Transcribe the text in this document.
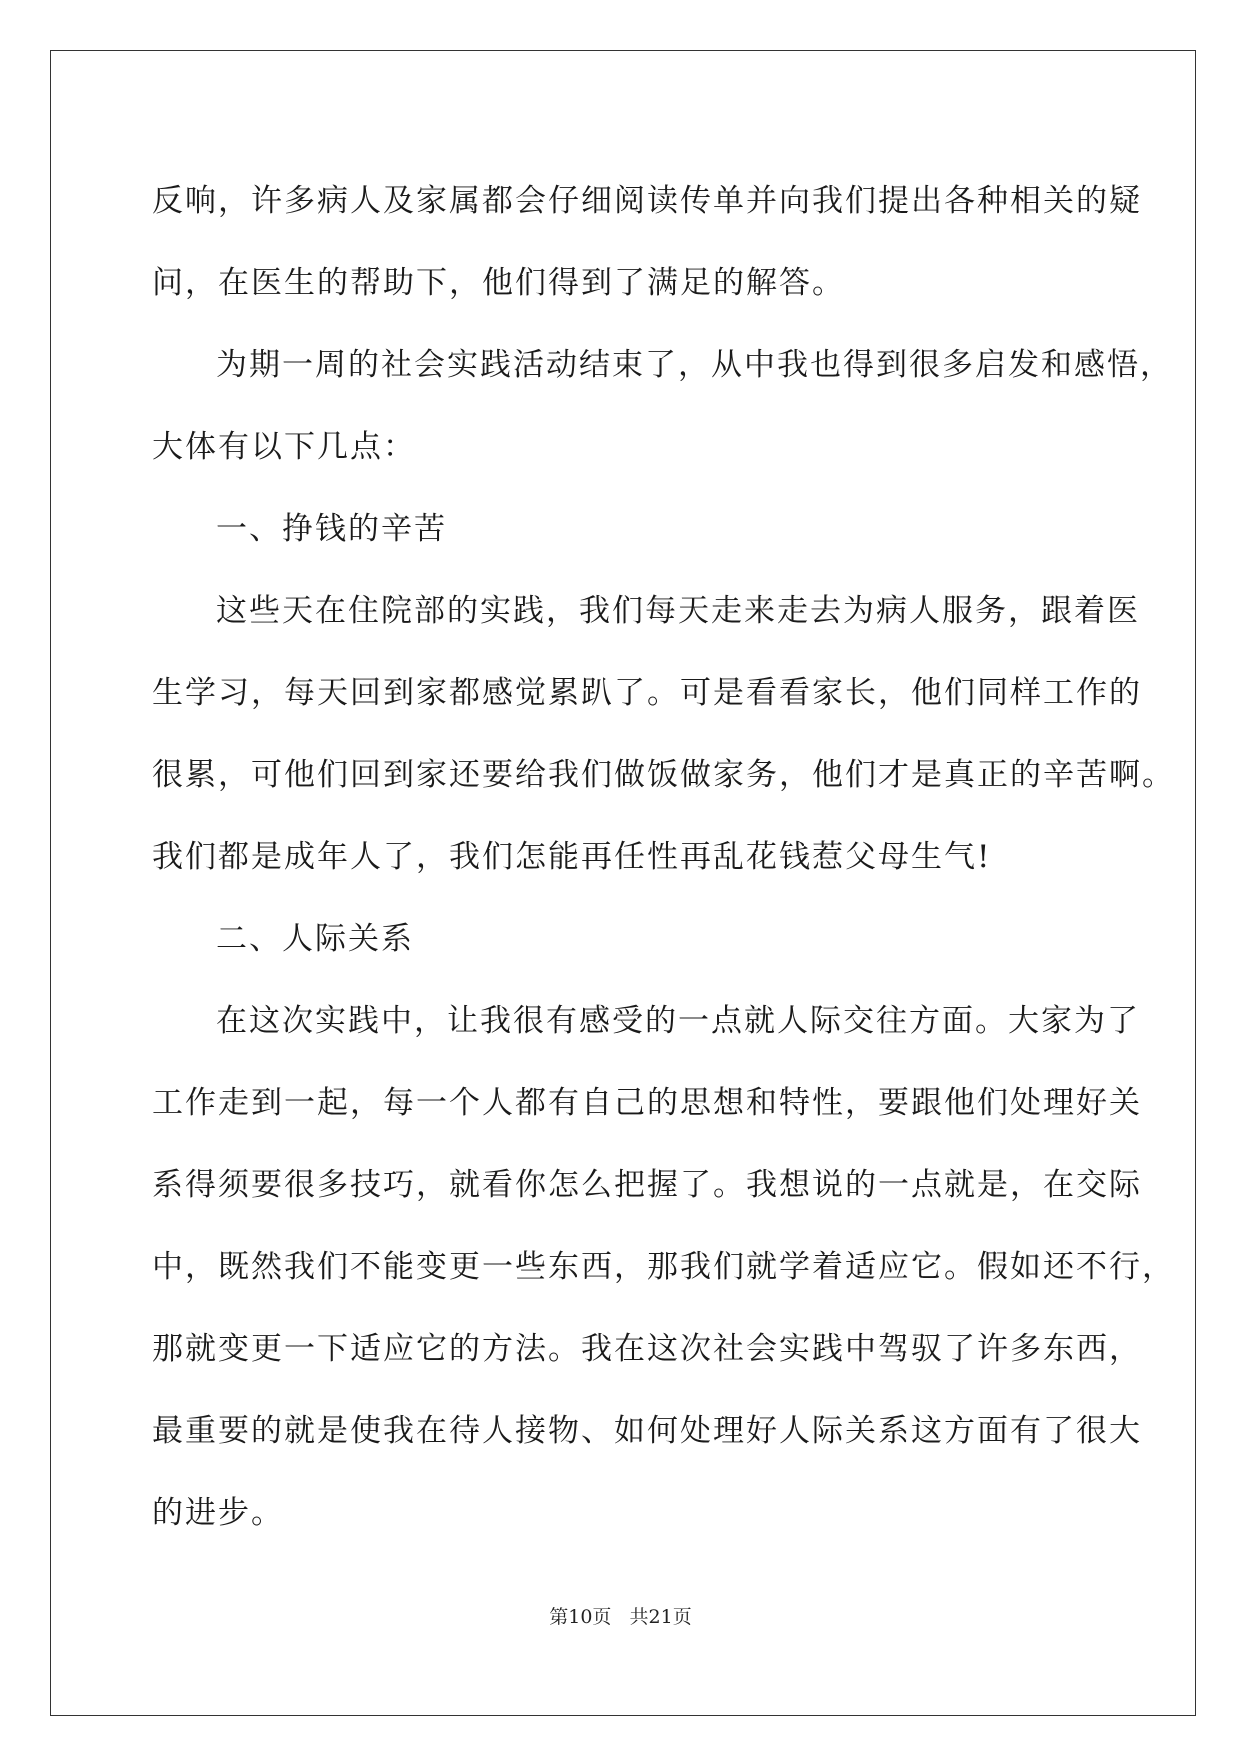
反响，许多病人及家属都会仔细阅读传单并向我们提出各种相关的疑
问，在医生的帮助下，他们得到了满足的解答。
为期一周的社会实践活动结束了，从中我也得到很多启发和感悟，
大体有以下几点：
一、挣钱的辛苦
这些天在住院部的实践，我们每天走来走去为病人服务，跟着医
生学习，每天回到家都感觉累趴了。可是看看家长，他们同样工作的
很累，可他们回到家还要给我们做饭做家务，他们才是真正的辛苦啊。
我们都是成年人了，我们怎能再任性再乱花钱惹父母生气!
二、人际关系
在这次实践中，让我很有感受的一点就人际交往方面。大家为了
工作走到一起，每一个人都有自己的思想和特性，要跟他们处理好关
系得须要很多技巧，就看你怎么把握了。我想说的一点就是，在交际
中，既然我们不能变更一些东西，那我们就学着适应它。假如还不行，
那就变更一下适应它的方法。我在这次社会实践中驾驭了许多东西，
最重要的就是使我在待人接物、如何处理好人际关系这方面有了很大
的进步。
第10页   共21页
